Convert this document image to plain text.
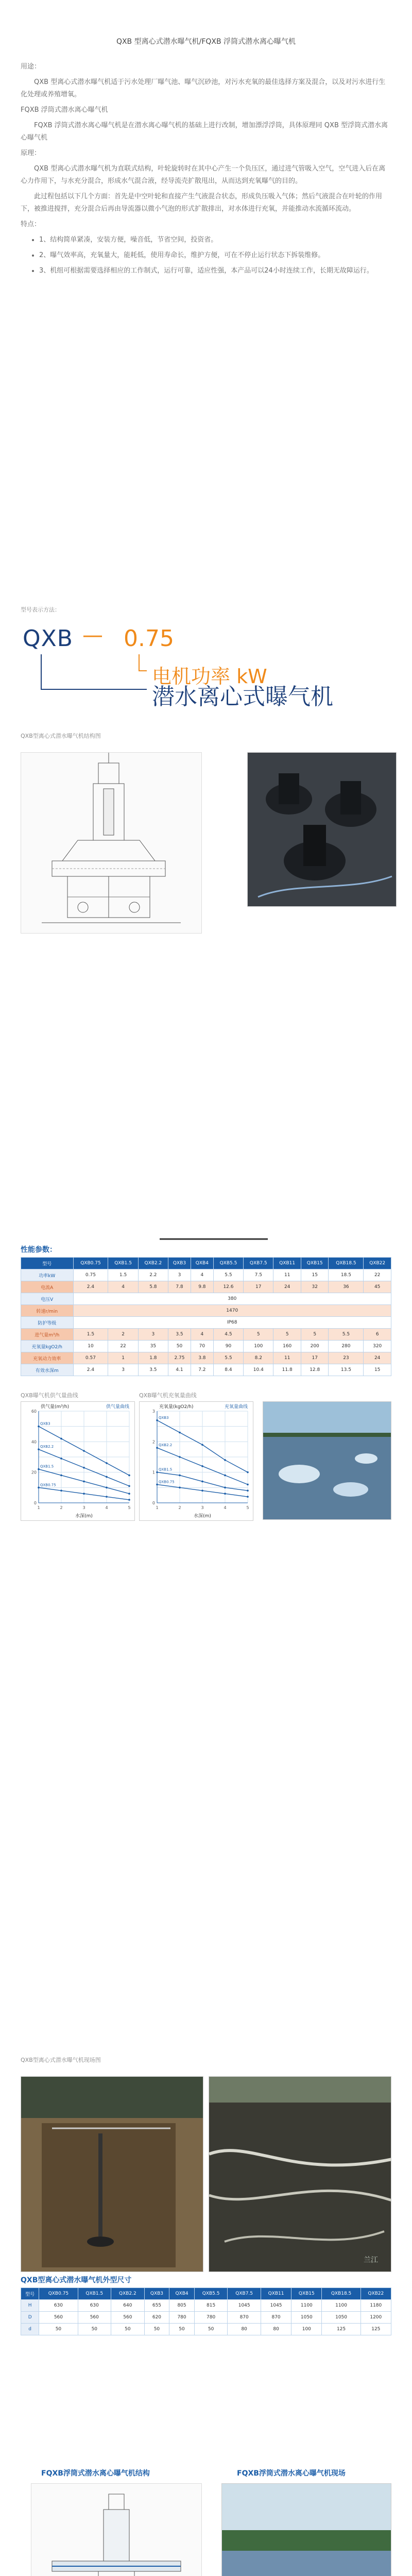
QXB 型离心式潜水曝气机/FQXB 浮筒式潜水离心曝气机

用途：

QXB 型离心式潜水曝气机适于污水处理厂曝气池、曝气沉砂池，对污水充氧的最佳选择方案及混合，以及对污水进行生化处理或养殖增氧。

FQXB 浮筒式潜水离心曝气机

FQXB 浮筒式潜水离心曝气机是在潜水离心曝气机的基础上进行改制，增加漂浮浮筒，具体原理同 QXB 型浮筒式潜水离心曝气机

原理：

QXB 型离心式潜水曝气机为直联式结构，叶轮旋转时在其中心产生一个负压区，通过进气管吸入空气，空气进入后在离心力作用下，与水充分混合，形成水气混合液，经导流壳扩散甩出，从而达到充氧曝气的目的。

此过程包括以下几个方面：首先是中空叶轮和直接产生气液混合状态，形成负压吸入气体；然后气液混合在叶轮的作用下，被推进搅拌，充分混合后再由导流器以微小气泡的形式扩散排出，对水体进行充氧，并能推动水流循环流动。

特点：

• 1、结构简单紧凑，安装方便，噪音低，节省空间，投资省。
• 2、曝气效率高，充氧量大，能耗低，使用寿命长，维护方便，可在不停止运行状态下拆装维修。
• 3、机组可根据需要选择相应的工作制式，运行可靠，适应性强，本产品可以24小时连续工作，长期无故障运行。
型号表示方法：
QXB — 0.75
电机功率 kW
潜水离心式曝气机
QXB型离心式潜水曝气机结构图
性能参数：
型号	QXB0.75	QXB1.5	QXB2.2	QXB3	QXB4	QXB5.5	QXB7.5	QXB11	QXB15	QXB18.5	QXB22
功率kW	0.75	1.5	2.2	3	4	5.5	7.5	11	15	18.5	22
电流A	2.4	4	5.8	7.8	9.8	12.6	17	24	32	36	45
电压V	380										
转速r/min	1470										
防护等级	IP68										
进气量m³/h	1.5	2	3	3.5	4	4.5	5	5	5	5.5	6
充氧量kgO2/h	10	22	35	50	70	90	100	160	200	280	320
充氧动力效率	0.57	1	1.8	2.75	3.8	5.5	8.2	11	17	23	24
有效水深m	2.4	3	3.5	4.1	7.2	8.4	10.4	11.8	12.8	13.5	15
QXB曝气机供气量曲线	QXB曝气机充氧量曲线
1	2	3	4	5
0
20
40
60
水深(m)
供气量(m³/h)	供气量曲线
QXB0.75
QXB1.5
QXB2.2
QXB3
1	2	3	4	5
0
1
2
3
水深(m)
充氧量(kgO2/h)	充氧量曲线
QXB0.75
QXB1.5
QXB2.2
QXB3
QXB型离心式潜水曝气机现场图
兰江
QXB型离心式潜水曝气机外型尺寸
型号	QXB0.75	QXB1.5	QXB2.2	QXB3	QXB4	QXB5.5	QXB7.5	QXB11	QXB15	QXB18.5	QXB22
H	630	630	640	655	805	815	1045	1045	1100	1100	1180
D	560	560	560	620	780	780	870	870	1050	1050	1200
d	50	50	50	50	50	50	80	80	100	125	125
FQXB浮筒式潜水离心曝气机结构	FQXB浮筒式潜水离心曝气机现场
